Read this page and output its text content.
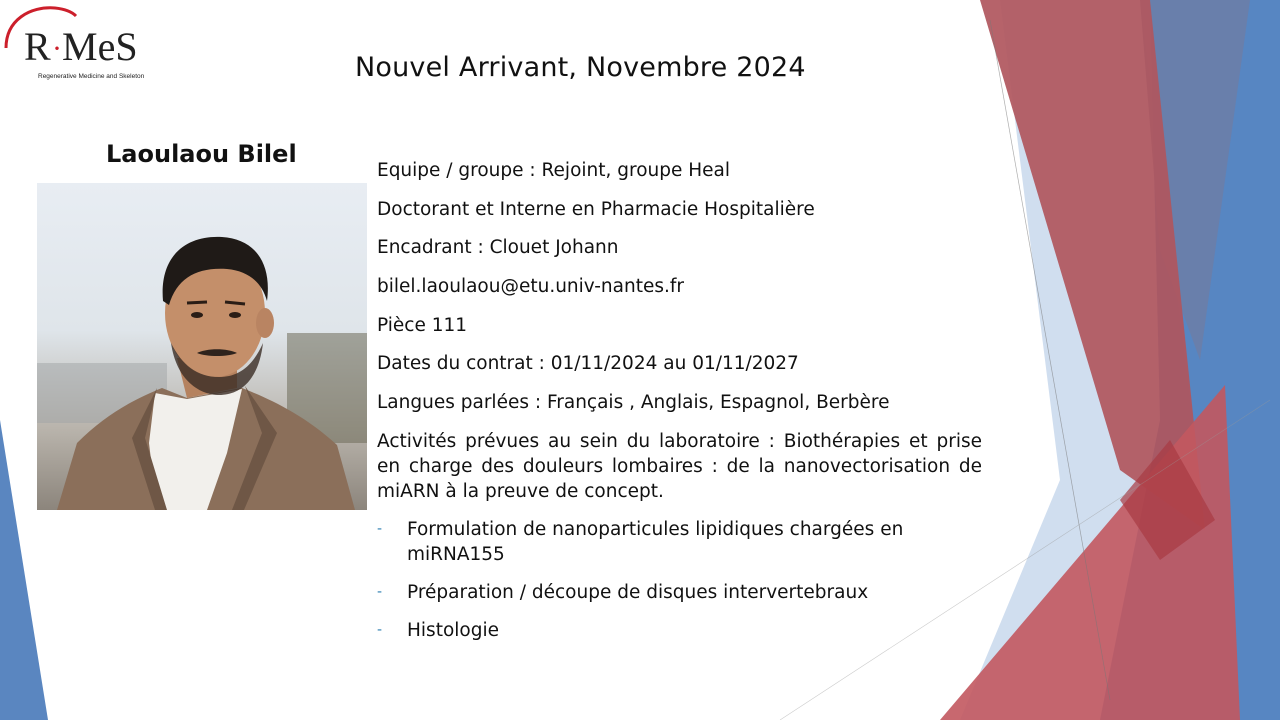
R · MeS
Regenerative Medicine and Skeleton	Nouvel Arrivant, Novembre 2024
Laoulaou Bilel
Equipe / groupe : Rejoint, groupe Heal
Doctorant et Interne en Pharmacie Hospitalière
Encadrant : Clouet Johann
bilel.laoulaou@etu.univ-nantes.fr
Pièce 111
Dates du contrat : 01/11/2024 au 01/11/2027
Langues parlées : Français , Anglais, Espagnol, Berbère
Activités prévues au sein du laboratoire : Biothérapies et prise en charge des douleurs lombaires : de la nanovectorisation de miARN à la preuve de concept.
- Formulation de nanoparticules lipidiques chargées en miRNA155
- Préparation / découpe de disques intervertebraux
- Histologie
